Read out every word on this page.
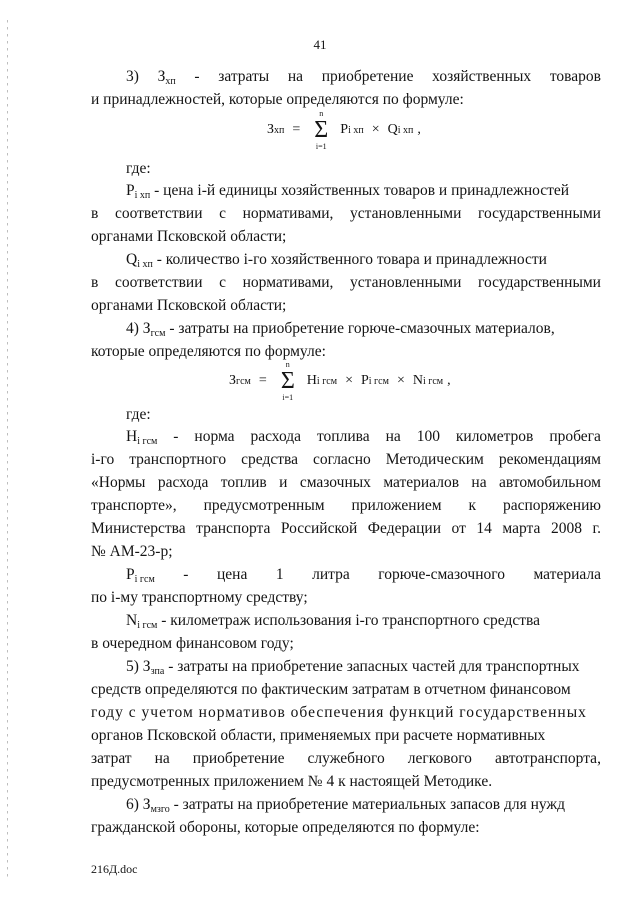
41
3) $З_{хп}$ - затраты на приобретение хозяйственных товаров
и принадлежностей, которые определяются по формуле:
З хп = Σ
n
i=1
P i хп × Q i хп ,
где:
$P_{i хп}$ - цена i-й единицы хозяйственных товаров и принадлежностей
в соответствии с нормативами, установленными государственными
органами Псковской области;
$Q_{i хп}$ - количество i-го хозяйственного товара и принадлежности
в соответствии с нормативами, установленными государственными
органами Псковской области;
4) $З_{гсм}$ - затраты на приобретение горюче-смазочных материалов,
которые определяются по формуле:
З гсм = Σ
n
i=1
H i гсм × P i гсм × N i гсм ,
где:
$H_{i гсм}$ - норма расхода топлива на 100 километров пробега
i-го транспортного средства согласно Методическим рекомендациям
«Нормы расхода топлив и смазочных материалов на автомобильном
транспорте», предусмотренным приложением к распоряжению
Министерства транспорта Российской Федерации от 14 марта 2008 г.
№ АМ-23-р;
$P_{i гсм}$ - цена 1 литра горюче-смазочного материала
по i-му транспортному средству;
$N_{i гсм}$ - километраж использования i-го транспортного средства
в очередном финансовом году;
5) $З_{зпа}$ - затраты на приобретение запасных частей для транспортных
средств определяются по фактическим затратам в отчетном финансовом
году с учетом нормативов обеспечения функций государственных
органов Псковской области, применяемых при расчете нормативных
затрат на приобретение служебного легкового автотранспорта,
предусмотренных приложением № 4 к настоящей Методике.
6) $З_{мзго}$ - затраты на приобретение материальных запасов для нужд
гражданской обороны, которые определяются по формуле:
216Д.doc
